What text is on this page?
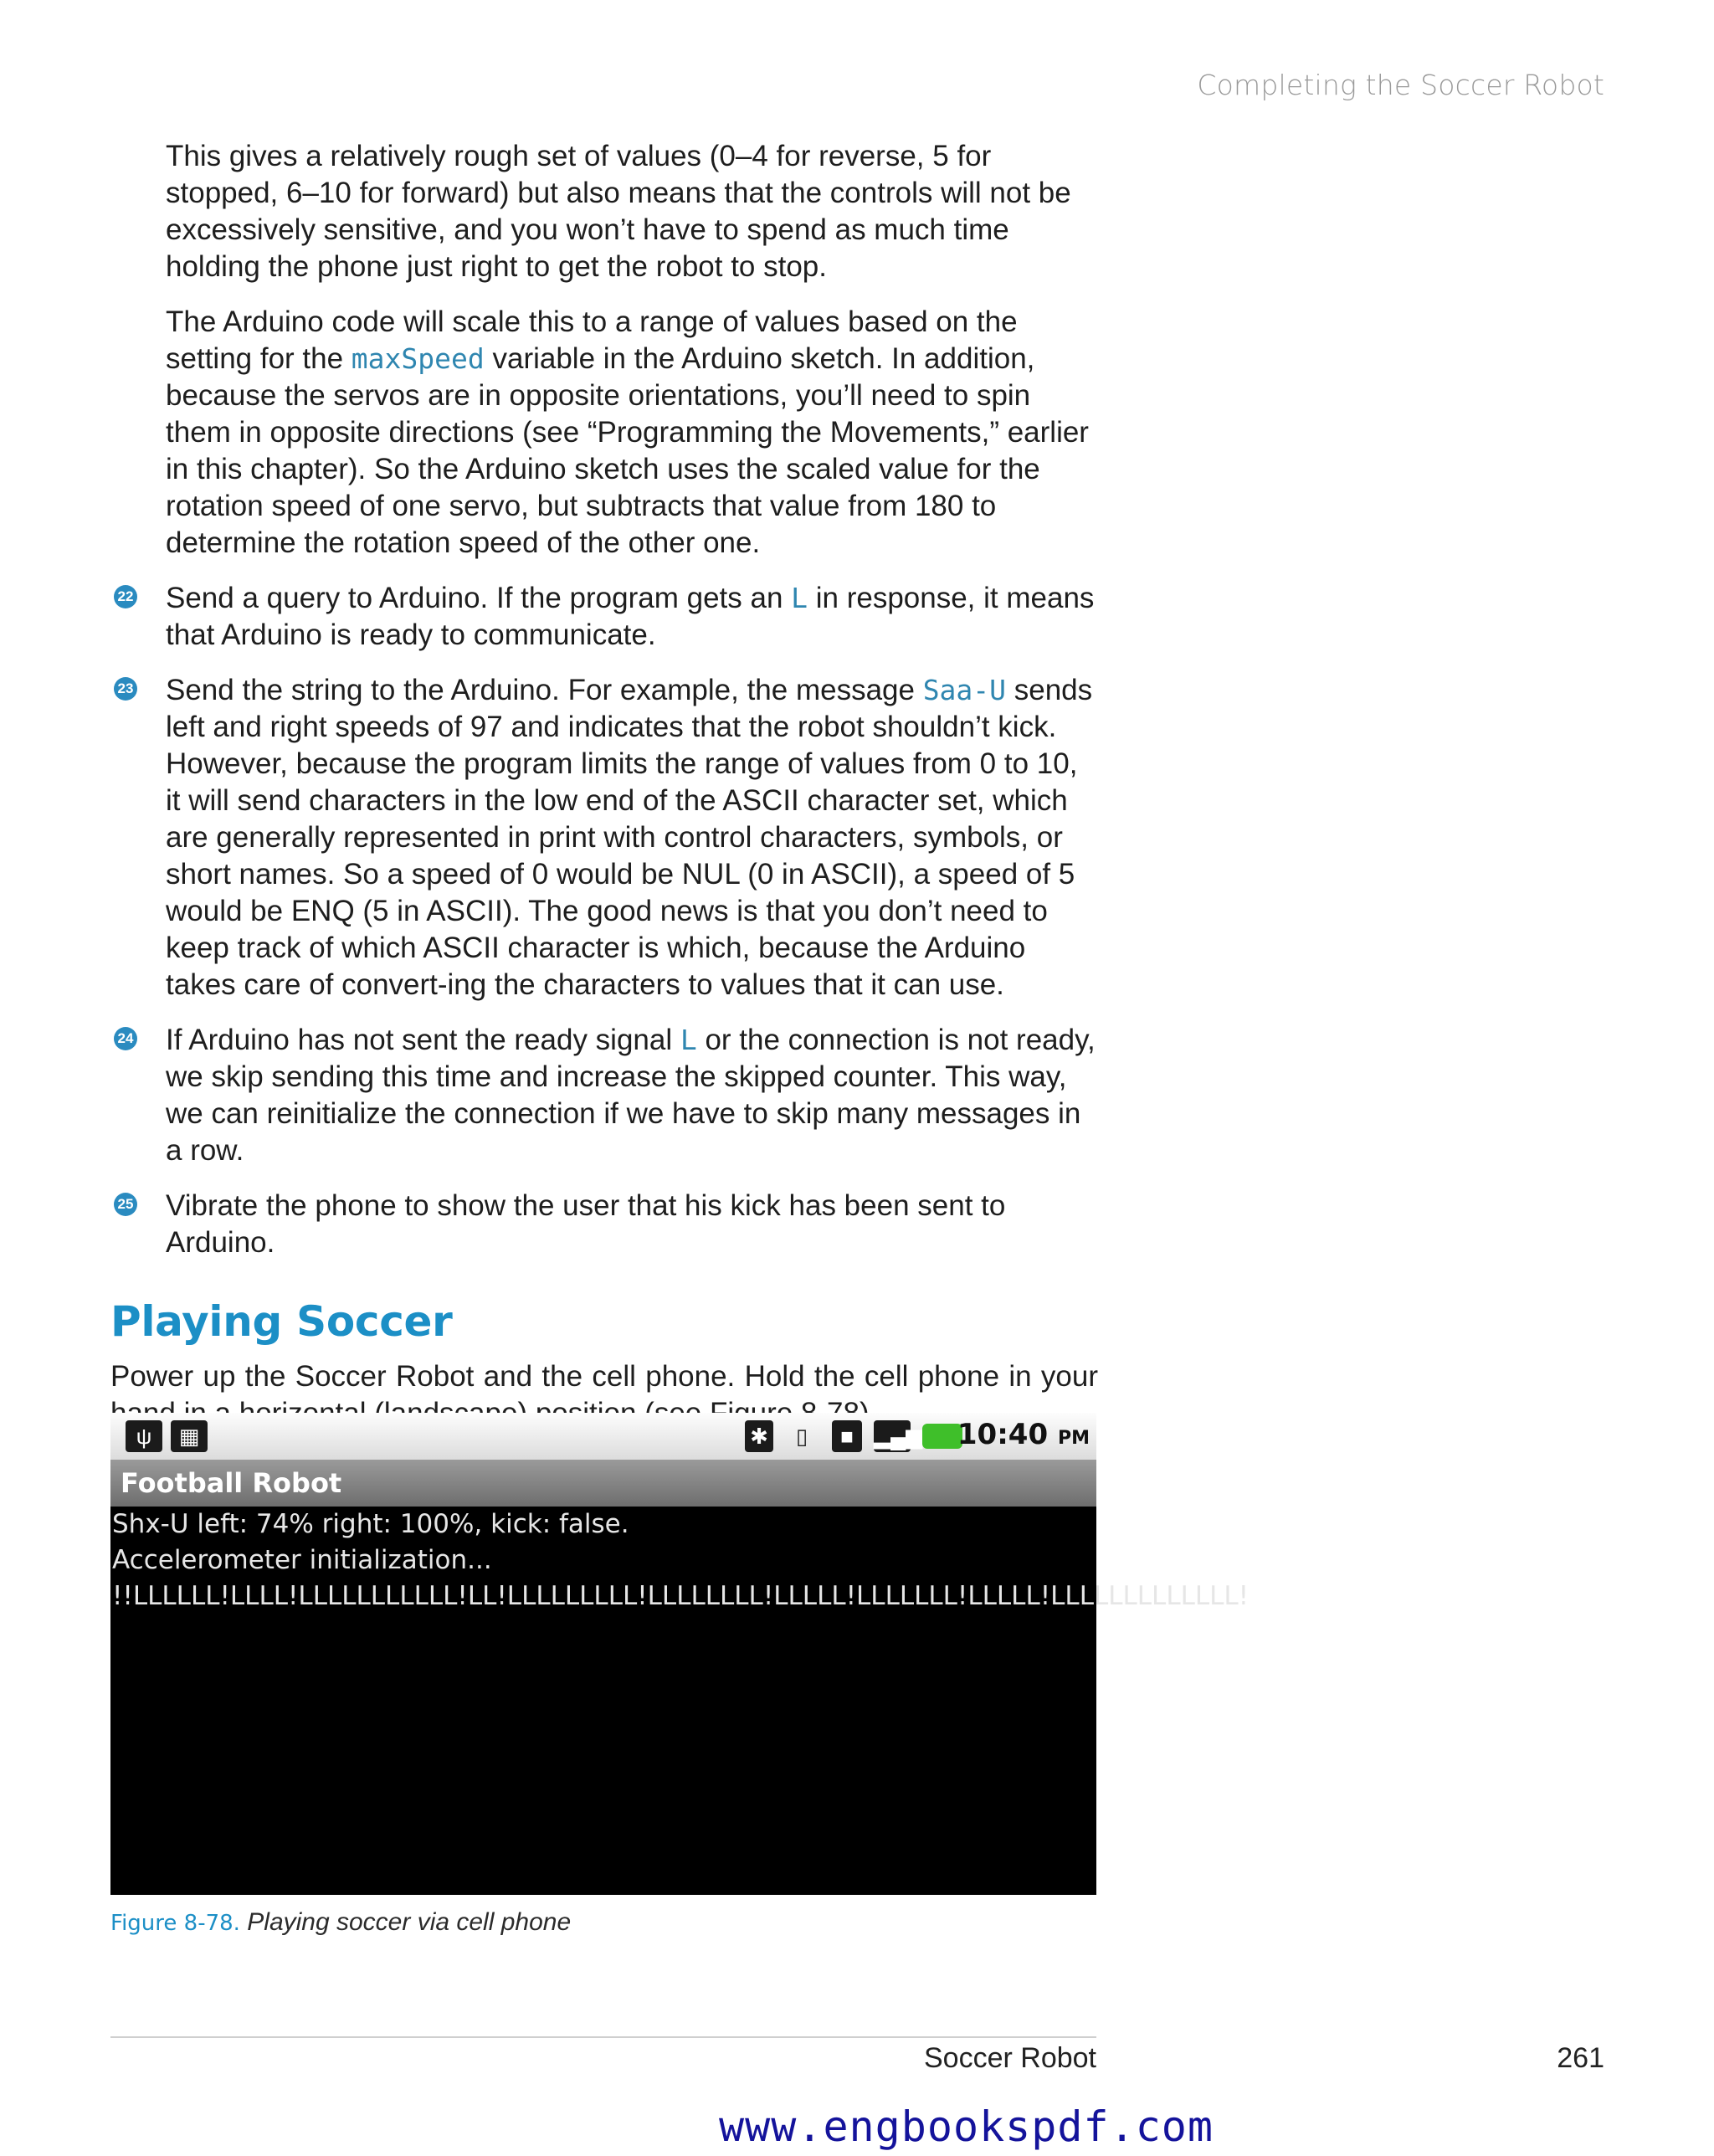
Completing the Soccer Robot

This gives a relatively rough set of values (0–4 for reverse, 5 for stopped, 6–10 for forward) but also means that the controls will not be excessively sensitive, and you won’t have to spend as much time holding the phone just right to get the robot to stop.

The Arduino code will scale this to a range of values based on the setting for the maxSpeed variable in the Arduino sketch. In addition, because the servos are in opposite orientations, you’ll need to spin them in opposite directions (see “Programming the Movements,” earlier in this chapter). So the Arduino sketch uses the scaled value for the rotation speed of one servo, but subtracts that value from 180 to determine the rotation speed of the other one.

22 Send a query to Arduino. If the program gets an L in response, it means that Arduino is ready to communicate.
23 Send the string to the Arduino. For example, the message Saa-U sends left and right speeds of 97 and indicates that the robot shouldn’t kick. However, because the program limits the range of values from 0 to 10, it will send characters in the low end of the ASCII character set, which are generally represented in print with control characters, symbols, or short names. So a speed of 0 would be NUL (0 in ASCII), a speed of 5 would be ENQ (5 in ASCII). The good news is that you don’t need to keep track of which ASCII character is which, because the Arduino takes care of convert-ing the characters to values that it can use.
24 If Arduino has not sent the ready signal L or the connection is not ready, we skip sending this time and increase the skipped counter. This way, we can reinitialize the connection if we have to skip many messages in a row.
25 Vibrate the phone to show the user that his kick has been sent to Arduino.
Playing Soccer

Power up the Soccer Robot and the cell phone. Hold the cell phone in your

ψ	▦	✱	▯	■ ▂▄▆ 10:40 PM
Football Robot
Shx-U left: 74% right: 100%, kick: false.
Accelerometer initialization...
!!LLLLLL!LLLL!LLLLLLLLLLL!LL!LLLLLLLLL!LLLLLLLL!LLLLL!LLLLLLL!LLLLL!LLLLLLLLLLLLL!
Figure 8-78. Playing soccer via cell phone
Soccer Robot	261
www.engbookspdf.com
